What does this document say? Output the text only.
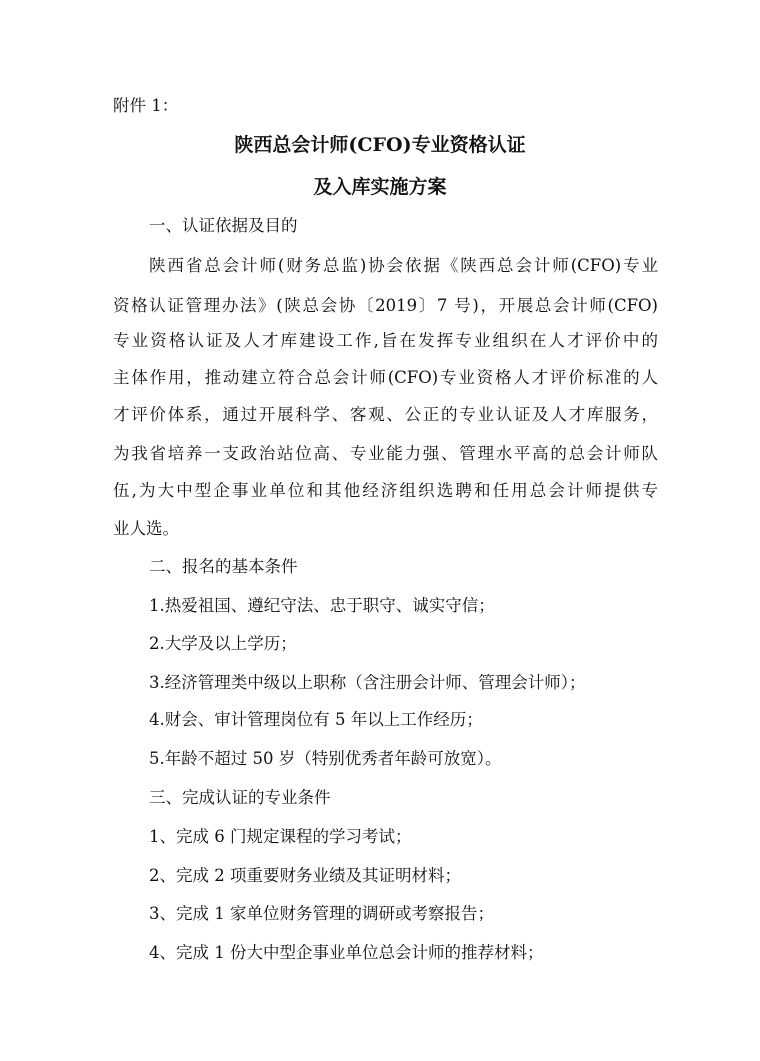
附件 1：
陕西总会计师(CFO)专业资格认证
及入库实施方案
一、认证依据及目的
陕西省总会计师(财务总监)协会依据《陕西总会计师(CFO)专业
资格认证管理办法》(陕总会协〔2019〕7 号)，开展总会计师(CFO)
专业资格认证及人才库建设工作,旨在发挥专业组织在人才评价中的
主体作用，推动建立符合总会计师(CFO)专业资格人才评价标准的人
才评价体系，通过开展科学、客观、公正的专业认证及人才库服务，
为我省培养一支政治站位高、专业能力强、管理水平高的总会计师队
伍,为大中型企事业单位和其他经济组织选聘和任用总会计师提供专
业人选。
二、报名的基本条件
1.热爱祖国、遵纪守法、忠于职守、诚实守信；
2.大学及以上学历；
3.经济管理类中级以上职称（含注册会计师、管理会计师）；
4.财会、审计管理岗位有 5 年以上工作经历；
5.年龄不超过 50 岁（特别优秀者年龄可放宽）。
三、完成认证的专业条件
1、完成 6 门规定课程的学习考试；
2、完成 2 项重要财务业绩及其证明材料；
3、完成 1 家单位财务管理的调研或考察报告；
4、完成 1 份大中型企事业单位总会计师的推荐材料；
